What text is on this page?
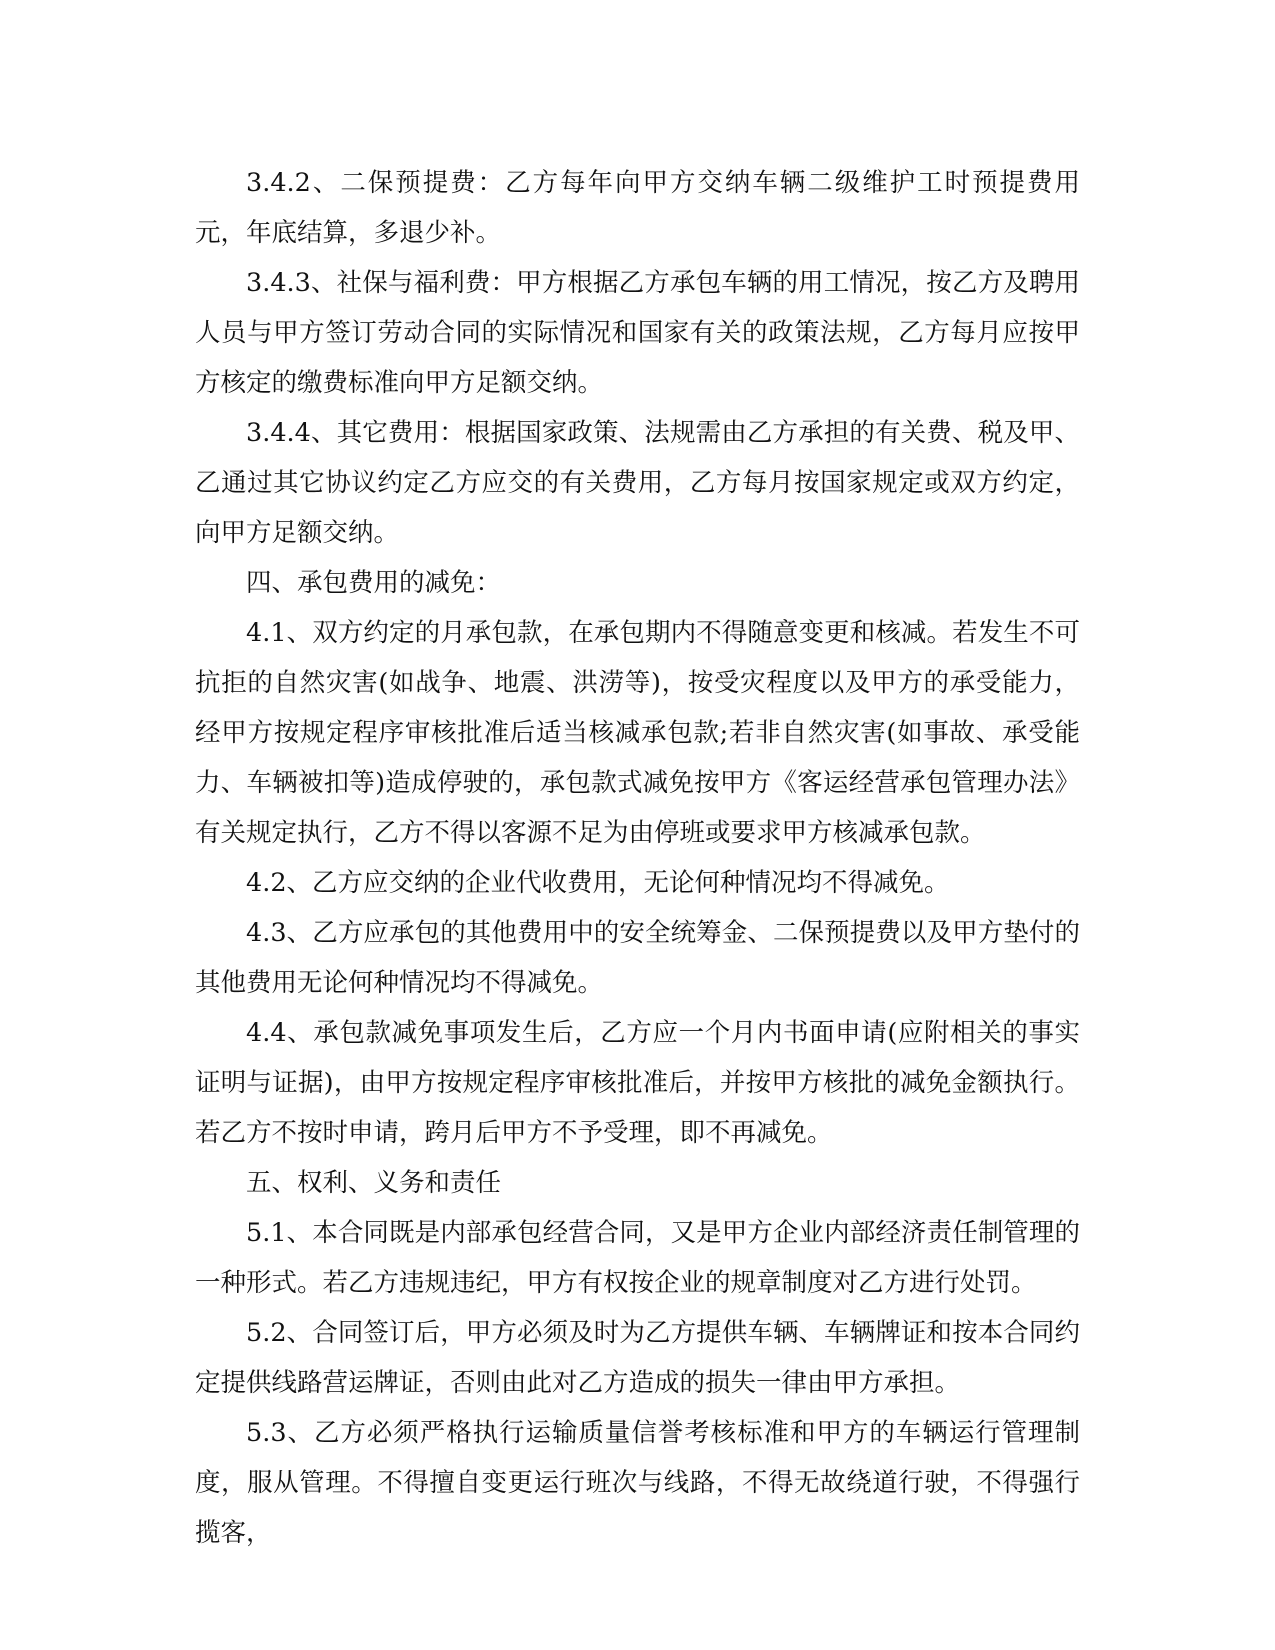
3.4.2、二保预提费：乙方每年向甲方交纳车辆二级维护工时预提费用 元，年底结算，多退少补。

3.4.3、社保与福利费：甲方根据乙方承包车辆的用工情况，按乙方及聘用人员与甲方签订劳动合同的实际情况和国家有关的政策法规，乙方每月应按甲方核定的缴费标准向甲方足额交纳。

3.4.4、其它费用：根据国家政策、法规需由乙方承担的有关费、税及甲、乙通过其它协议约定乙方应交的有关费用，乙方每月按国家规定或双方约定，向甲方足额交纳。

四、承包费用的减免：

4.1、双方约定的月承包款，在承包期内不得随意变更和核减。若发生不可抗拒的自然灾害(如战争、地震、洪涝等)，按受灾程度以及甲方的承受能力，经甲方按规定程序审核批准后适当核减承包款;若非自然灾害(如事故、承受能力、车辆被扣等)造成停驶的，承包款式减免按甲方《客运经营承包管理办法》有关规定执行，乙方不得以客源不足为由停班或要求甲方核减承包款。

4.2、乙方应交纳的企业代收费用，无论何种情况均不得减免。

4.3、乙方应承包的其他费用中的安全统筹金、二保预提费以及甲方垫付的其他费用无论何种情况均不得减免。

4.4、承包款减免事项发生后，乙方应一个月内书面申请(应附相关的事实证明与证据)，由甲方按规定程序审核批准后，并按甲方核批的减免金额执行。若乙方不按时申请，跨月后甲方不予受理，即不再减免。

五、权利、义务和责任

5.1、本合同既是内部承包经营合同，又是甲方企业内部经济责任制管理的一种形式。若乙方违规违纪，甲方有权按企业的规章制度对乙方进行处罚。

5.2、合同签订后，甲方必须及时为乙方提供车辆、车辆牌证和按本合同约定提供线路营运牌证，否则由此对乙方造成的损失一律由甲方承担。

5.3、乙方必须严格执行运输质量信誉考核标准和甲方的车辆运行管理制度，服从管理。不得擅自变更运行班次与线路，不得无故绕道行驶，不得强行揽客，
